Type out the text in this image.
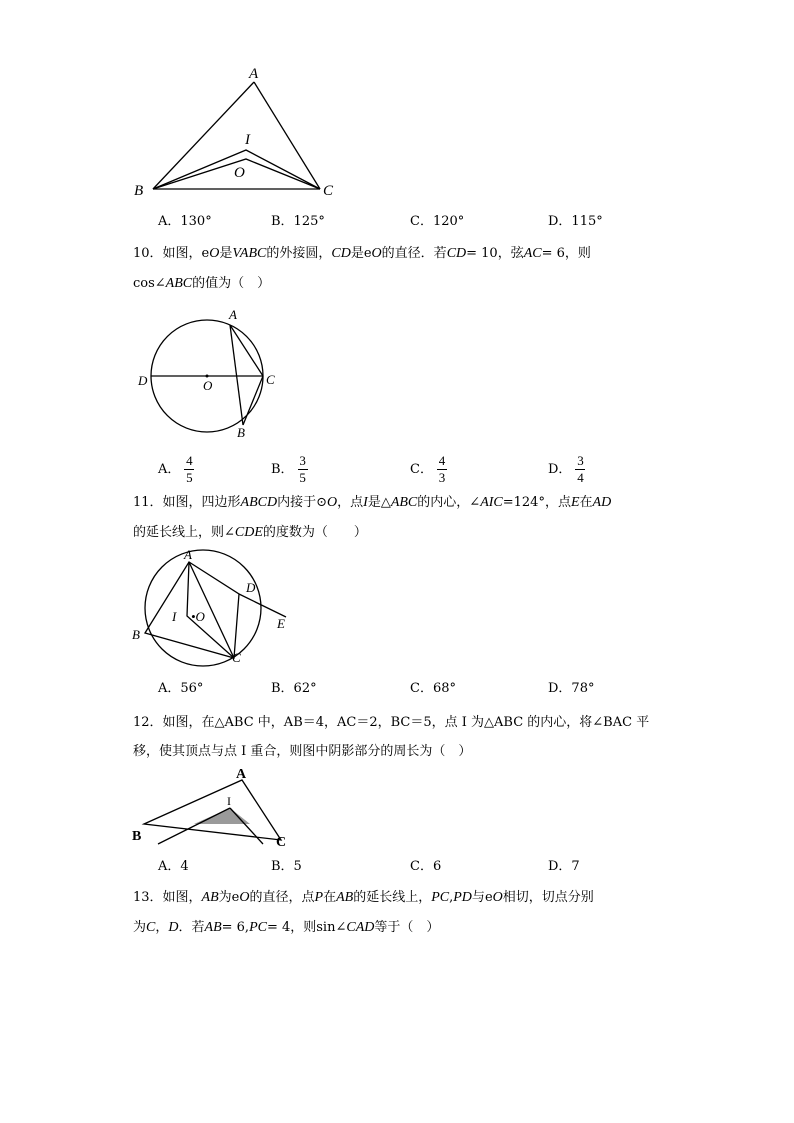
A
I
O
B	C
A．130°	B．125°	C．120°	D．115°
10．如图，eO是VABC的外接圆，CD是eO的直径．若CD= 10，弦AC= 6，则
cos∠ABC的值为（　）
A
D	O	C
B
A． $\frac{4}{5}$	B． $\frac{3}{5}$	C． $\frac{4}{3}$	D． $\frac{3}{4}$
11．如图，四边形ABCD内接于⊙O，点I是△ABC的内心，∠AIC=124°，点E在AD
的延长线上，则∠CDE的度数为（　　）
A
D
I •O
B
E
C
A．56°	B．62°	C．68°	D．78°
12．如图，在△ABC 中，AB＝4，AC＝2，BC＝5，点 I 为△ABC 的内心，将∠BAC 平
移，使其顶点与点 I 重合，则图中阴影部分的周长为（　）
A
I
B	C
A．4	B．5	C．6	D．7
13．如图，AB为eO的直径，点P在AB的延长线上，PC,PD与eO相切，切点分别
为C，D．若AB= 6,PC= 4，则sin∠CAD等于（　）
